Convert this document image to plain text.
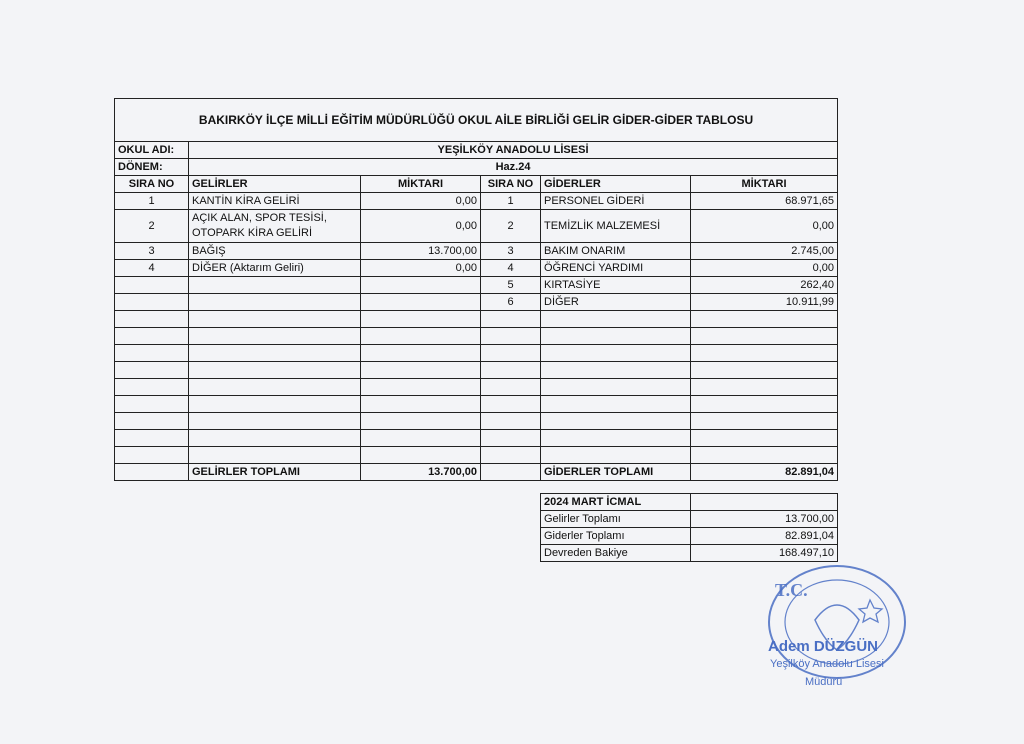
BAKIRKÖY İLÇE MİLLİ EĞİTİM MÜDÜRLÜĞÜ OKUL AİLE BİRLİĞİ GELİR GİDER-GİDER TABLOSU					
OKUL ADI:	YEŞİLKÖY ANADOLU LİSESİ				
DÖNEM:	Haz.24				
SIRA NO	GELİRLER	MİKTARI	SIRA NO	GİDERLER	MİKTARI
1	KANTİN KİRA GELİRİ	0,00	1	PERSONEL GİDERİ	68.971,65
2	AÇIK ALAN, SPOR TESİSİ, OTOPARK KİRA GELİRİ	0,00	2	TEMİZLİK MALZEMESİ	0,00
3	BAĞIŞ	13.700,00	3	BAKIM ONARIM	2.745,00
4	DİĞER (Aktarım Geliri)	0,00	4	ÖĞRENCİ YARDIMI	0,00
			5	KIRTASİYE	262,40
			6	DİĞER	10.911,99

	GELİRLER TOPLAMI	13.700,00		GİDERLER TOPLAMI	82.891,04
2024 MART İCMAL	
Gelirler Toplamı	13.700,00
Giderler Toplamı	82.891,04
Devreden Bakiye	168.497,10
T.C.
Adem DÜZGÜN
Yeşilköy Anadolu Lisesi
Müdürü
